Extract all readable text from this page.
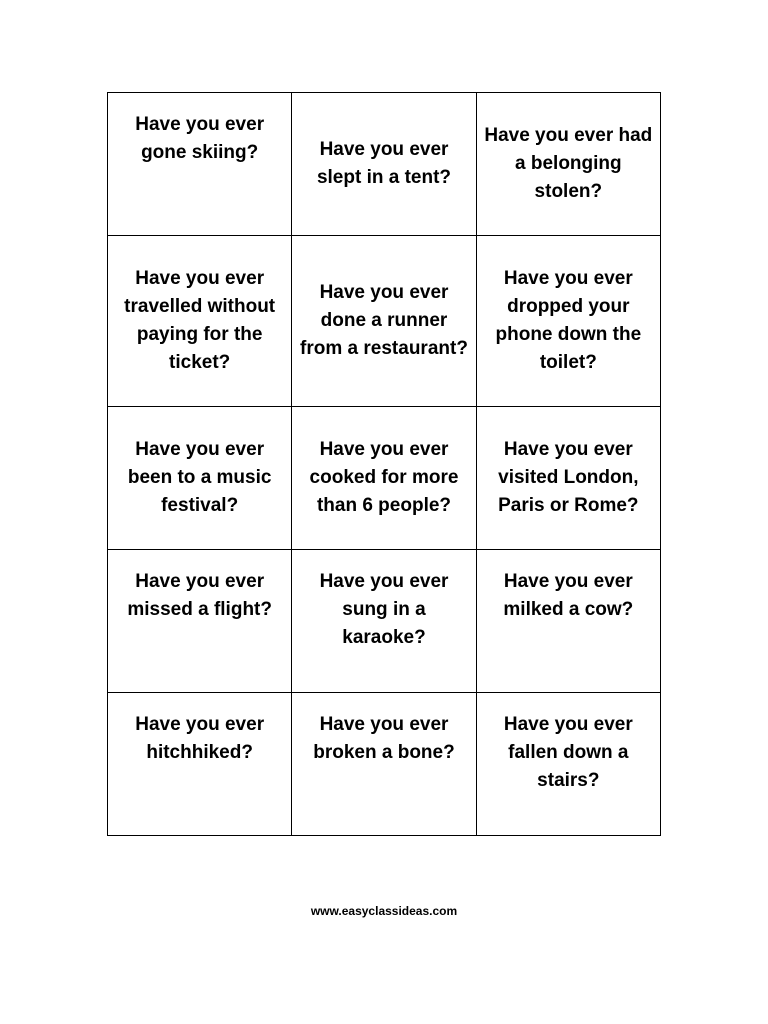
Have you ever gone skiing?	Have you ever slept in a tent?	Have you ever had a belonging stolen?
Have you ever travelled without paying for the ticket?	Have you ever done a runner from a restaurant?	Have you ever dropped your phone down the toilet?
Have you ever been to a music festival?	Have you ever cooked for more than 6 people?	Have you ever visited London, Paris or Rome?
Have you ever missed a flight?	Have you ever sung in a karaoke?	Have you ever milked a cow?
Have you ever hitchhiked?	Have you ever broken a bone?	Have you ever fallen down a stairs?
www.easyclassideas.com
